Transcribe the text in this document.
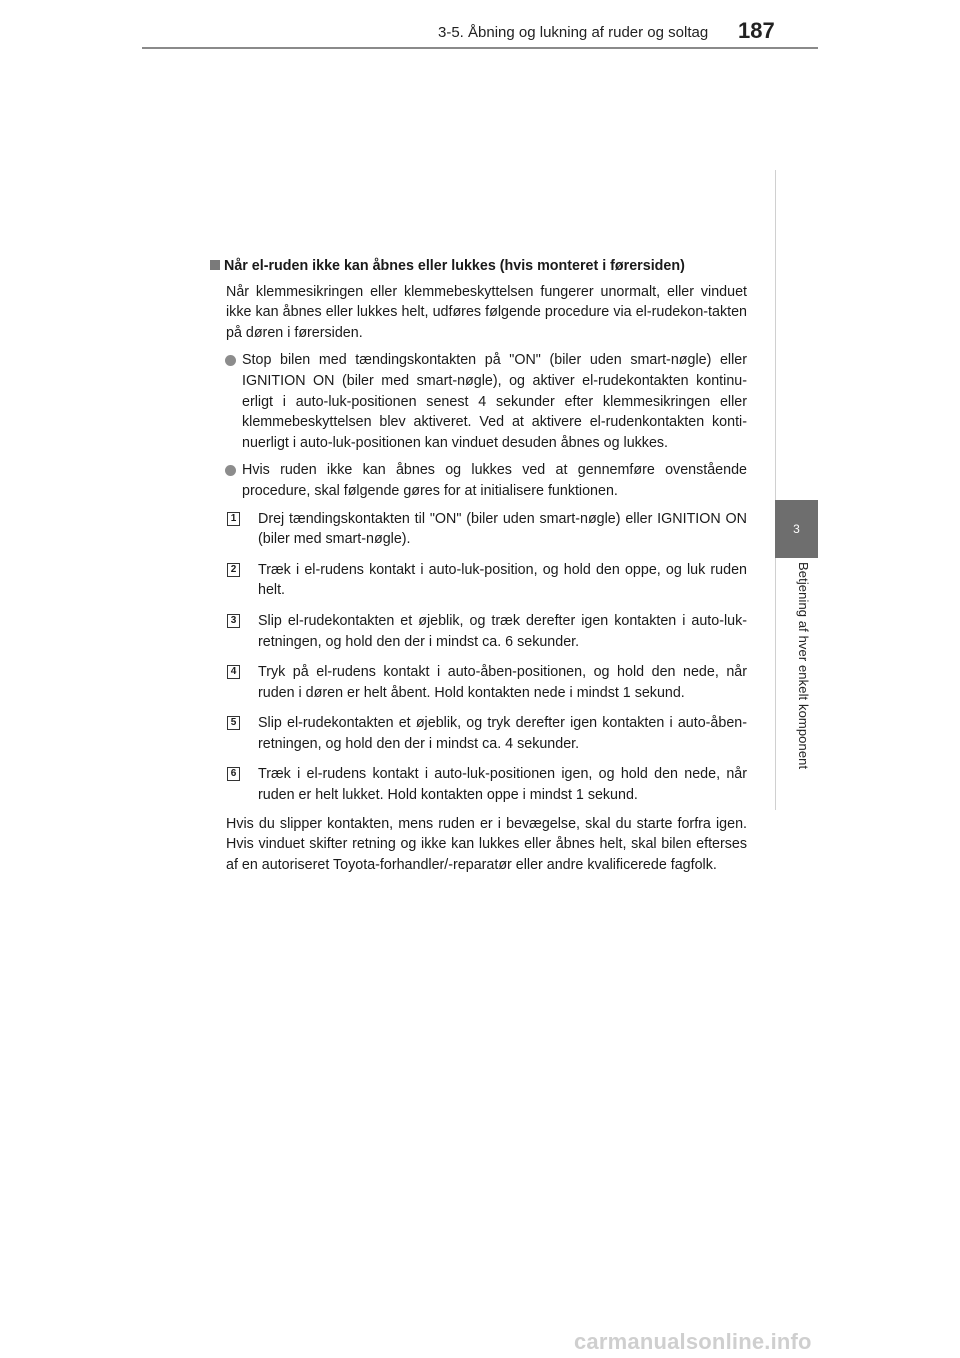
3-5. Åbning og lukning af ruder og soltag 187
3
Betjening af hver enkelt komponent
Når el-ruden ikke kan åbnes eller lukkes (hvis monteret i førersiden)
Når klemmesikringen eller klemmebeskyttelsen fungerer unormalt, eller vinduet ikke kan åbnes eller lukkes helt, udføres følgende procedure via el-rudekon-takten på døren i førersiden.
Stop bilen med tændingskontakten på "ON" (biler uden smart-nøgle) eller IGNITION ON (biler med smart-nøgle), og aktiver el-rudekontakten kontinu-erligt i auto-luk-positionen senest 4 sekunder efter klemmesikringen eller klemmebeskyttelsen blev aktiveret. Ved at aktivere el-rudenkontakten konti-nuerligt i auto-luk-positionen kan vinduet desuden åbnes og lukkes.
Hvis ruden ikke kan åbnes og lukkes ved at gennemføre ovenstående procedure, skal følgende gøres for at initialisere funktionen.
1 Drej tændingskontakten til "ON" (biler uden smart-nøgle) eller IGNITION ON (biler med smart-nøgle).
2 Træk i el-rudens kontakt i auto-luk-position, og hold den oppe, og luk ruden helt.
3 Slip el-rudekontakten et øjeblik, og træk derefter igen kontakten i auto-luk-retningen, og hold den der i mindst ca. 6 sekunder.
4 Tryk på el-rudens kontakt i auto-åben-positionen, og hold den nede, når ruden i døren er helt åbent. Hold kontakten nede i mindst 1 sekund.
5 Slip el-rudekontakten et øjeblik, og tryk derefter igen kontakten i auto-åben-retningen, og hold den der i mindst ca. 4 sekunder.
6 Træk i el-rudens kontakt i auto-luk-positionen igen, og hold den nede, når ruden er helt lukket. Hold kontakten oppe i mindst 1 sekund.
Hvis du slipper kontakten, mens ruden er i bevægelse, skal du starte forfra igen. Hvis vinduet skifter retning og ikke kan lukkes eller åbnes helt, skal bilen efterses af en autoriseret Toyota-forhandler/-reparatør eller andre kvalificerede fagfolk.
carmanualsonline.info
